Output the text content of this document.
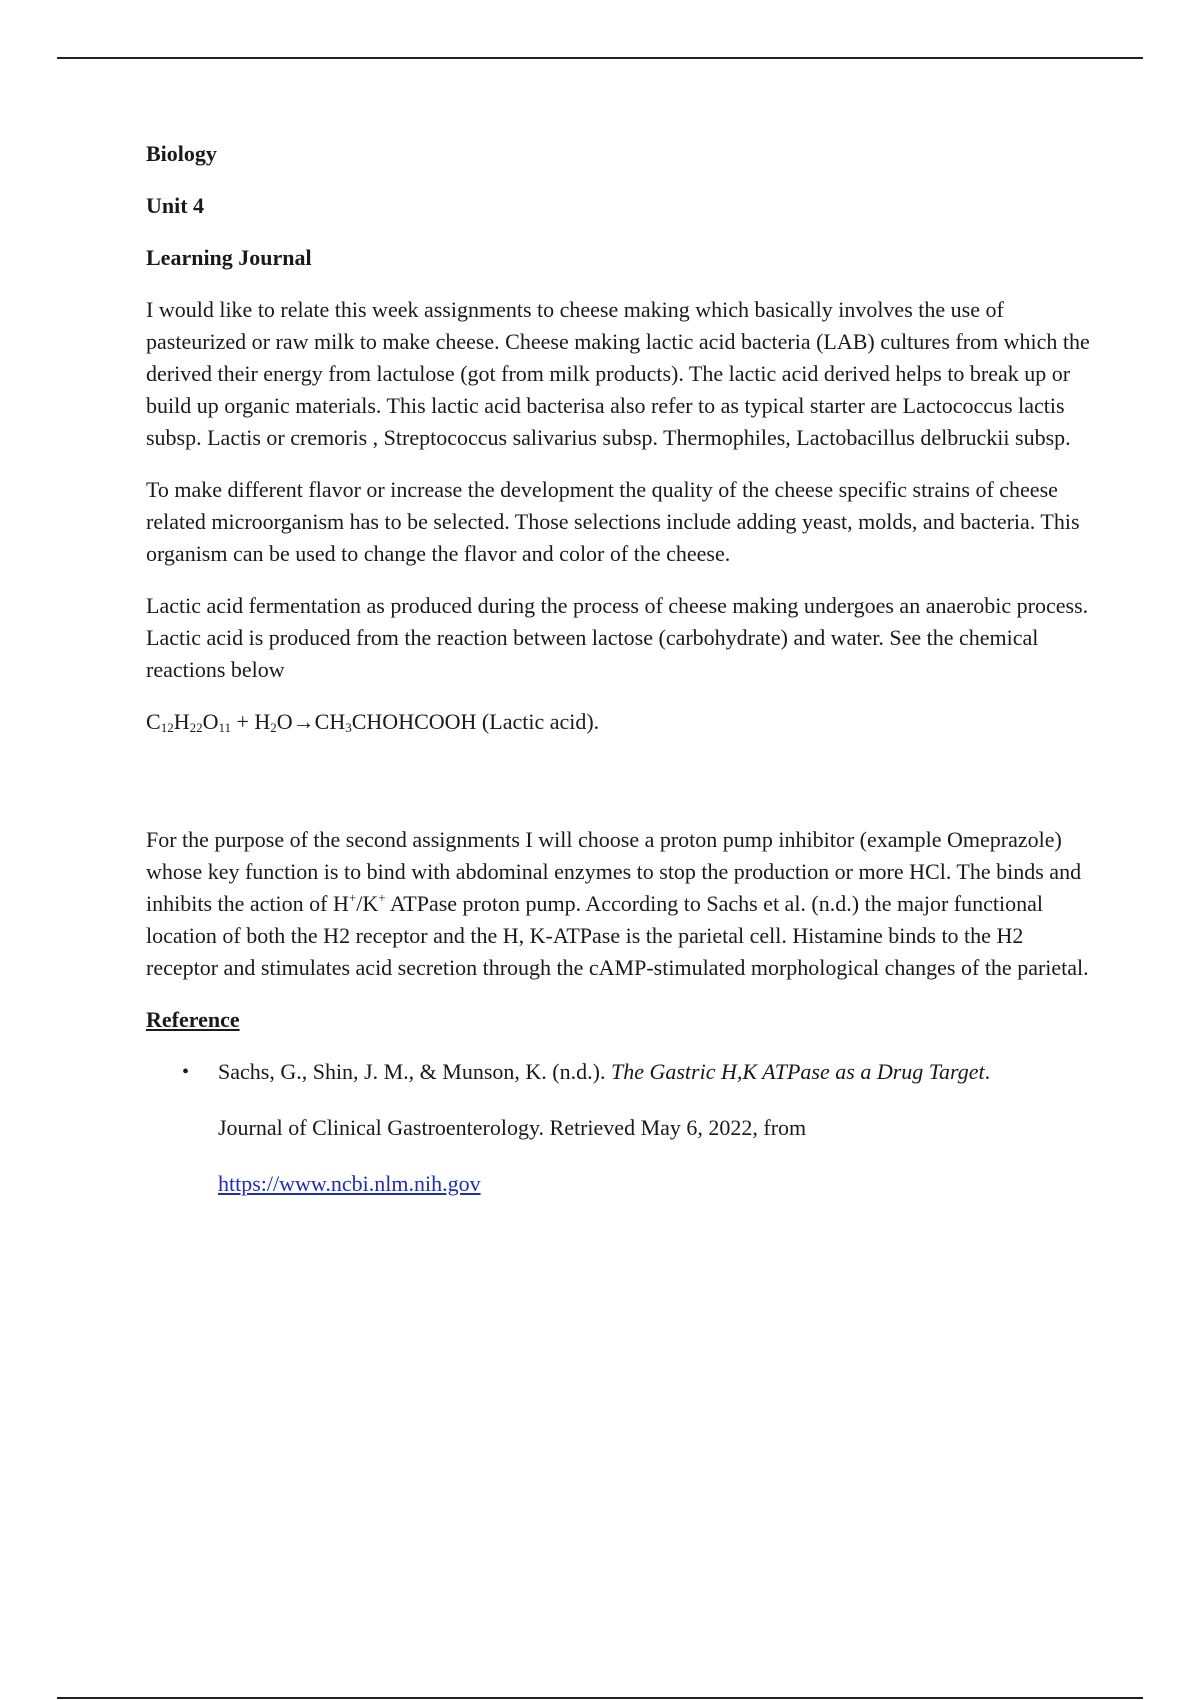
Biology

Unit 4

Learning Journal

I would like to relate this week assignments to cheese making which basically involves the use of pasteurized or raw milk to make cheese. Cheese making lactic acid bacteria (LAB) cultures from which the derived their energy from lactulose (got from milk products). The lactic acid derived helps to break up or build up organic materials. This lactic acid bacterisa also refer to as typical starter are Lactococcus lactis subsp. Lactis or cremoris , Streptococcus salivarius subsp. Thermophiles, Lactobacillus delbruckii subsp.

To make different flavor or increase the development the quality of the cheese specific strains of cheese related microorganism has to be selected. Those selections include adding yeast, molds, and bacteria. This organism can be used to change the flavor and color of the cheese.

Lactic acid fermentation as produced during the process of cheese making undergoes an anaerobic process. Lactic acid is produced from the reaction between lactose (carbohydrate) and water. See the chemical reactions below

$C_{12}H_{22}O_{11}$ + $H_2O\to CH_3CHOHCOOH$ (Lactic acid).

For the purpose of the second assignments I will choose a proton pump inhibitor (example Omeprazole) whose key function is to bind with abdominal enzymes to stop the production or more HCl. The binds and inhibits the action of H+/K+ ATPase proton pump. According to Sachs et al. (n.d.) the major functional location of both the H2 receptor and the H, K-ATPase is the parietal cell. Histamine binds to the H2 receptor and stimulates acid secretion through the cAMP-stimulated morphological changes of the parietal.

Reference

• Sachs, G., Shin, J. M., & Munson, K. (n.d.). The Gastric H,K ATPase as a Drug Target.

Journal of Clinical Gastroenterology. Retrieved May 6, 2022, from

https://www.ncbi.nlm.nih.gov
